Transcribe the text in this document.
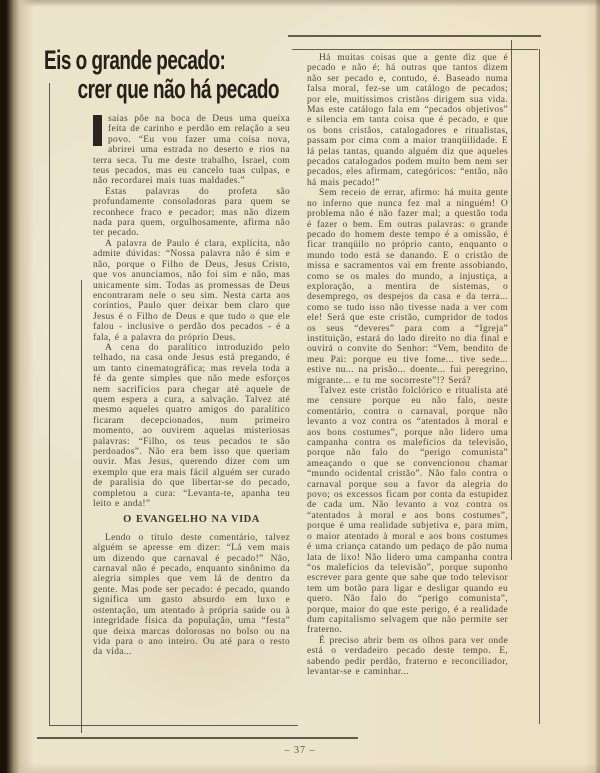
Eis o grande pecado:
crer que não há pecado

saías põe na boca de Deus uma queixa feita de carinho e perdão em relação a seu povo. “Eu vou fazer uma coisa nova, abrirei uma estrada no deserto e rios na terra seca. Tu me deste trabalho, Israel, com teus pecados, mas eu cancelo tuas culpas, e não recordarei mais tuas maldades.”

Estas palavras do profeta são profundamente consoladoras para quem se reconhece fraco e pecador; mas não dizem nada para quem, orgulhosamente, afirma não ter pecado.

A palavra de Paulo é clara, explícita, não admite dúvidas: “Nossa palavra não é sim e não, porque o Filho de Deus, Jesus Cristo, que vos anunciamos, não foi sim e não, mas unicamente sim. Todas as promessas de Deus encontraram nele o seu sim. Nesta carta aos coríntios, Paulo quer deixar bem claro que Jesus é o Filho de Deus e que tudo o que ele falou - inclusive o perdão dos pecados - é a fala, é a palavra do próprio Deus.

A cena do paralítico introduzido pelo telhado, na casa onde Jesus está pregando, é um tanto cinematográfica; mas revela toda a fé da gente simples que não mede esforços nem sacrifícios para chegar até aquele de quem espera a cura, a salvação. Talvez até mesmo aqueles quatro amigos do paralítico ficaram decepcionados, num primeiro momento, ao ouvirem aquelas misteriosas palavras: “Filho, os teus pecados te são perdoados”. Não era bem isso que queriam ouvir. Mas Jesus, querendo dizer com um exemplo que era mais fácil alguém ser curado de paralisia do que libertar-se do pecado, completou a cura: “Levanta-te, apanha teu leito e anda!”

O EVANGELHO NA VIDA

Lendo o título deste comentário, talvez alguém se apresse em dizer: “Lá vem mais um dizendo que carnaval é pecado!” Não, carnaval não é pecado, enquanto sinônimo da alegria simples que vem lá de dentro da gente. Mas pode ser pecado: é pecado, quando significa um gasto absurdo em luxo e ostentação, um atentado à própria saúde ou à integridade física da população, uma “festa” que deixa marcas dolorosas no bolso ou na vida para o ano inteiro. Ou até para o resto da vida...

Há muitas coisas que a gente diz que é pecado e não é; há outras que tantos dizem não ser pecado e, contudo, é. Baseado numa falsa moral, fez-se um catálogo de pecados; por ele, muitíssimos cristãos dirigem sua vida. Mas este catálogo fala em “pecados objetivos” e silencia em tanta coisa que é pecado, e que os bons cristãos, catalogadores e ritualistas, passam por cima com a maior tranqüilidade. E lá pelas tantas, quando alguém diz que aqueles pecados catalogados podem muito bem nem ser pecados, eles afirmam, categóricos: “então, não há mais pecado!”

Sem receio de errar, afirmo: há muita gente no inferno que nunca fez mal a ninguém! O problema não é não fazer mal; a questão toda é fazer o bem. Em outras palavras: o grande pecado do homem deste tempo é a omissão, é ficar tranqüilo no próprio canto, enquanto o mundo todo está se danando. E o cristão de missa e sacramentos vai em frente assobiando, como se os males do mundo, a injustiça, a exploração, a mentira de sistemas, o desemprego, os despejos da casa e da terra... como se tudo isso não tivesse nada a ver com ele! Será que este cristão, cumpridor de todos os seus “deveres” para com a “Igreja” instituição, estará do lado direito no dia final e ouvirá o convite do Senhor: “Vem, bendito de meu Pai: porque eu tive fome... tive sede... estive nu... na prisão... doente... fui peregrino, migrante... e tu me socorreste”!? Será?

Talvez este cristão folclórico e ritualista até me censure porque eu não falo, neste comentário, contra o carnaval, porque não levanto a voz contra os “atentados à moral e aos bons costumes”, porque não lidero uma campanha contra os malefícios da televisão, porque não falo do “perigo comunista” ameaçando o que se convencionou chamar “mundo ocidental cristão”. Não falo contra o carnaval porque sou a favor da alegria do povo; os excessos ficam por conta da estupidez de cada um. Não levanto a voz contra os “atentados à moral e aos bons costumes”, porque é uma realidade subjetiva e, para mim, o maior atentado à moral e aos bons costumes é uma criança catando um pedaço de pão numa lata de lixo! Não lidero uma campanha contra “os malefícios da televisão”, porque suponho escrever para gente que sabe que todo televisor tem um botão para ligar e desligar quando eu quero. Não falo do “perigo comunista”, porque, maior do que este perigo, é a realidade dum capitalismo selvagem que não permite ser fraterno.

É preciso abrir bem os olhos para ver onde está o verdadeiro pecado deste tempo. E, sabendo pedir perdão, fraterno e reconciliador, levantar-se e caminhar...

– 37 –
